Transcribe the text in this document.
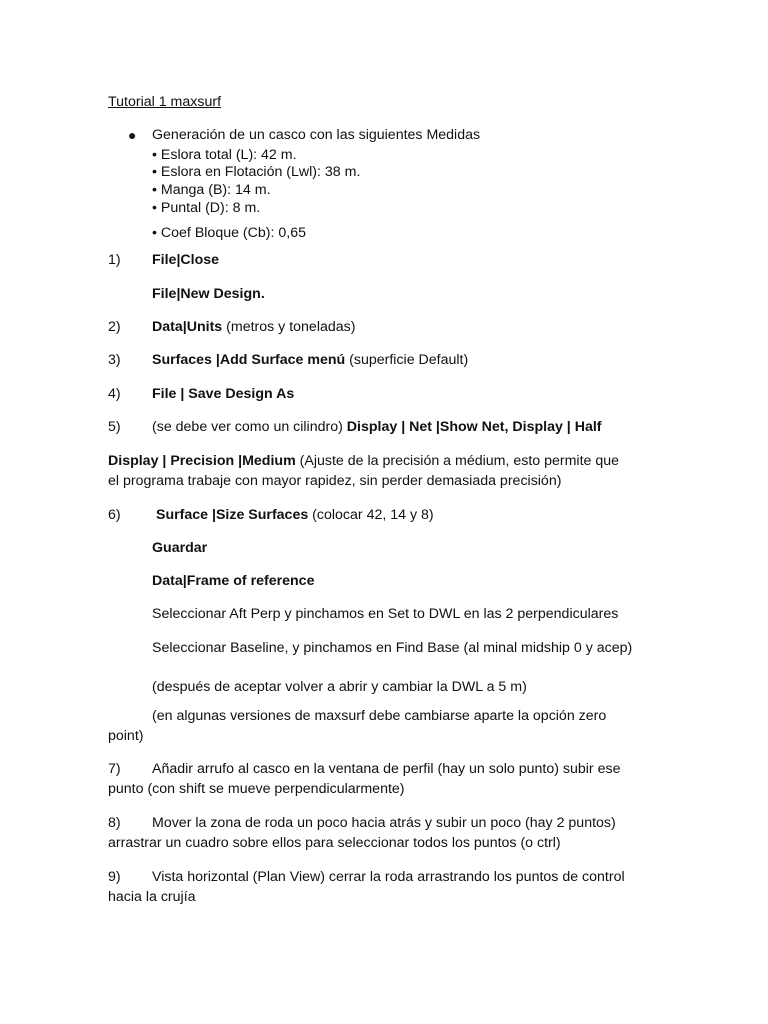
Tutorial 1 maxsurf
● Generación de un casco con las siguientes Medidas
• Eslora total (L): 42 m.
• Eslora en Flotación (Lwl): 38 m.
• Manga (B): 14 m.
• Puntal (D): 8 m.
• Coef Bloque (Cb): 0,65
1) File|Close
File|New Design.
2) Data|Units (metros y toneladas)
3) Surfaces |Add Surface menú (superficie Default)
4) File | Save Design As
5) (se debe ver como un cilindro) Display | Net |Show Net, Display | Half
Display | Precision |Medium (Ajuste de la precisión a médium, esto permite que
el programa trabaje con mayor rapidez, sin perder demasiada precisión)
6) Surface |Size Surfaces (colocar 42, 14 y 8)
Guardar
Data|Frame of reference
Seleccionar Aft Perp y pinchamos en Set to DWL en las 2 perpendiculares
Seleccionar Baseline, y pinchamos en Find Base (al minal midship 0 y acep)
(después de aceptar volver a abrir y cambiar la DWL a 5 m)
(en algunas versiones de maxsurf debe cambiarse aparte la opción zero
point)
7) Añadir arrufo al casco en la ventana de perfil (hay un solo punto) subir ese
punto (con shift se mueve perpendicularmente)
8) Mover la zona de roda un poco hacia atrás y subir un poco (hay 2 puntos)
arrastrar un cuadro sobre ellos para seleccionar todos los puntos (o ctrl)
9) Vista horizontal (Plan View) cerrar la roda arrastrando los puntos de control
hacia la crujía
